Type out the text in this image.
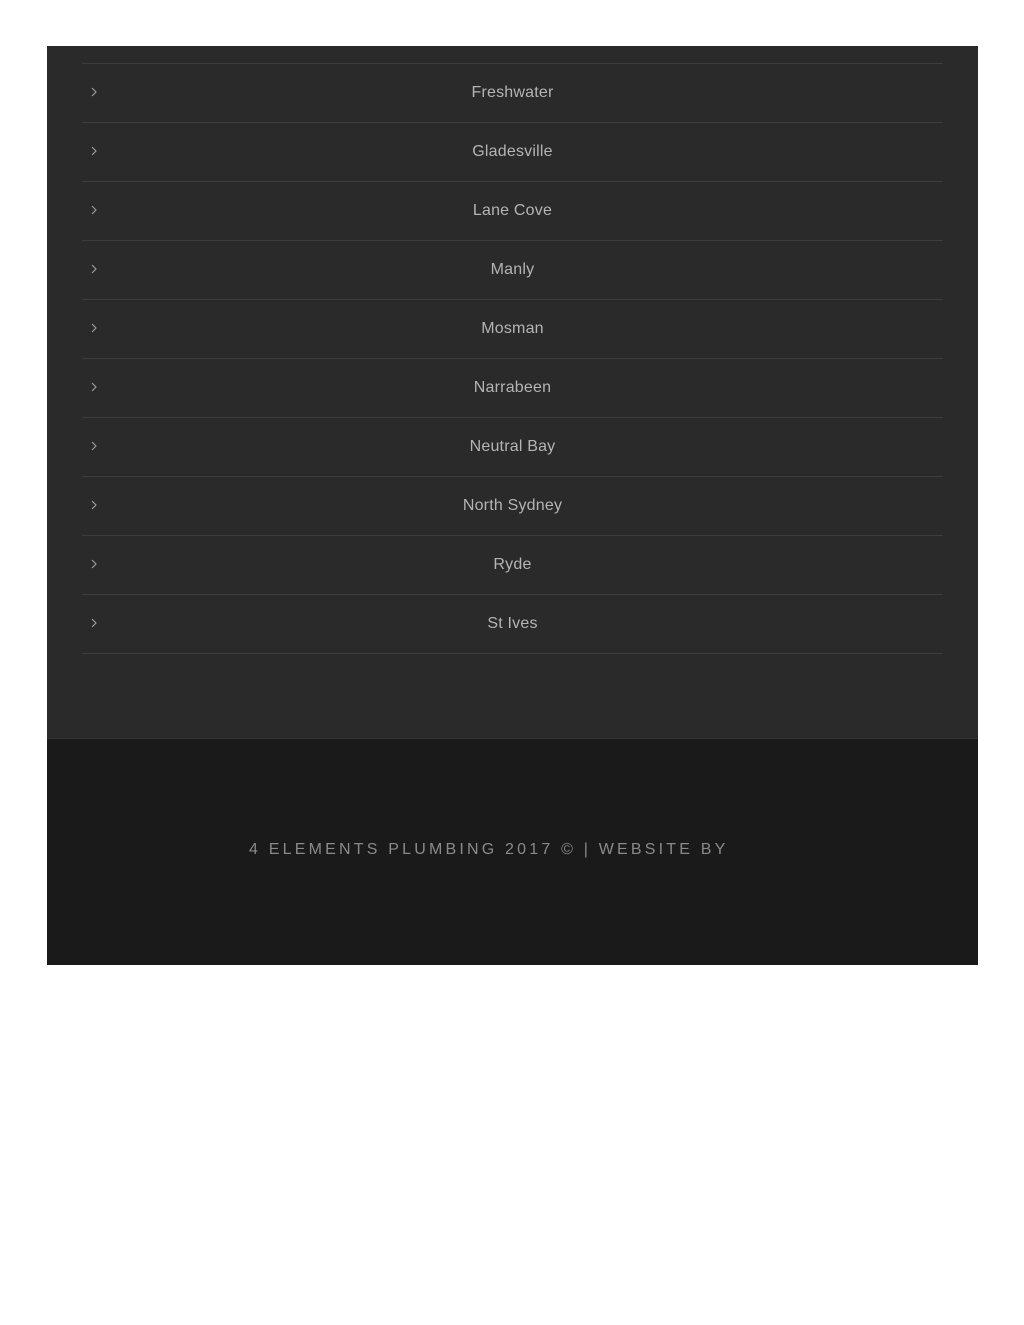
Freshwater
Gladesville
Lane Cove
Manly
Mosman
Narrabeen
Neutral Bay
North Sydney
Ryde
St Ives
4 ELEMENTS PLUMBING 2017 © | WEBSITE BY
